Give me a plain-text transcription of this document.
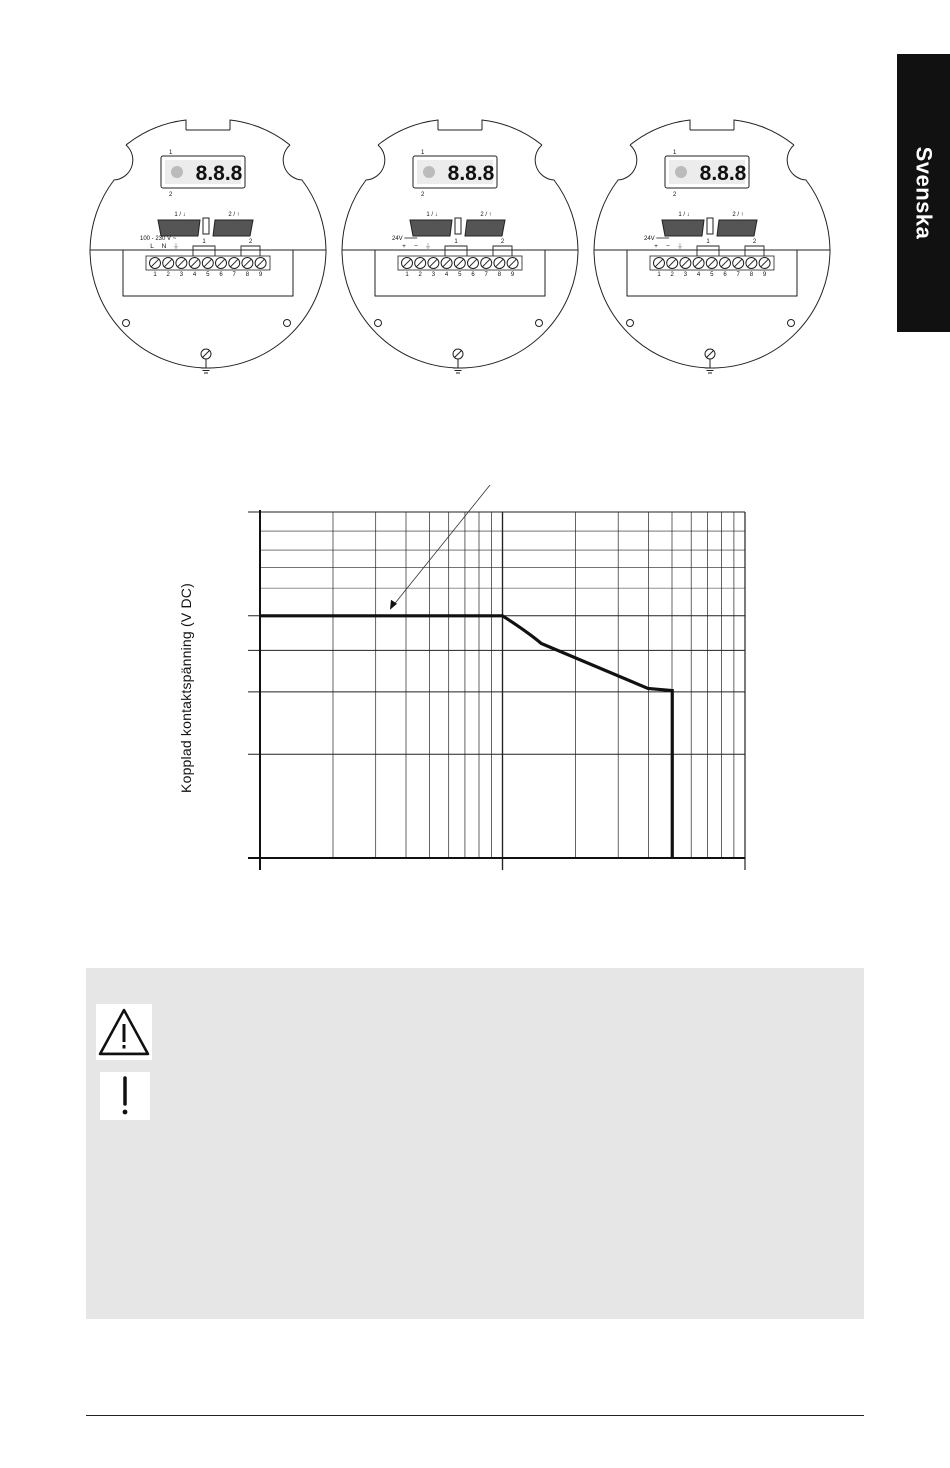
Svenska
8.8.8
1
2
1 / ↓	2 / ↑
100 - 230 V ~
L N ⏚
1	2
1 2 3 4 5 6 7 8 9
8.8.8
1
2
1 / ↓	2 / ↑
24V ═══
+ − ⏚
1	2
1 2 3 4 5 6 7 8 9
8.8.8
1
2
1 / ↓	2 / ↑
24V ═══
+ − ⏚
1	2
1 2 3 4 5 6 7 8 9
Kopplad kontaktspänning (V DC)
